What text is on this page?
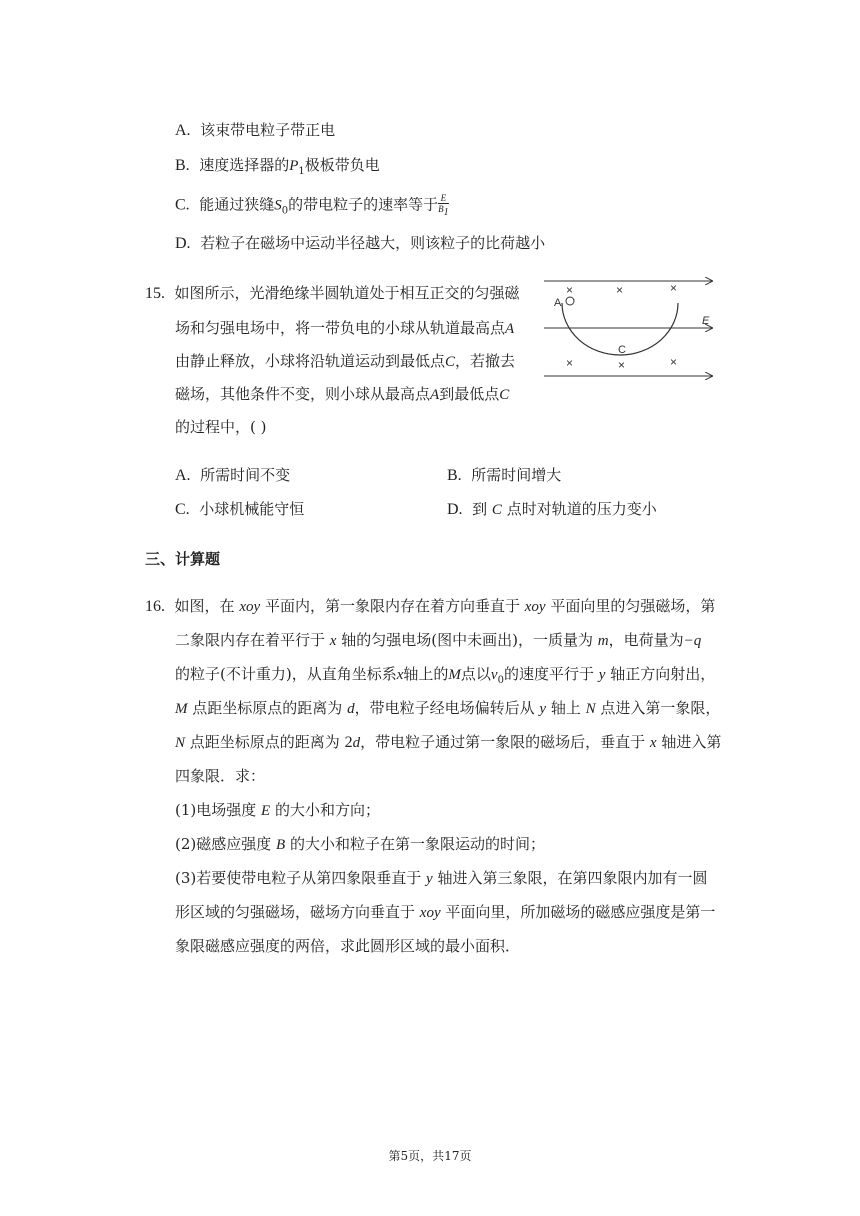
A. 该束带电粒子带正电
B. 速度选择器的$P_1$极板带负电
C. 能通过狭缝$S_0$的带电粒子的速率等于 $\frac{E}{B_1}$
D. 若粒子在磁场中运动半径越大，则该粒子的比荷越小
15. 如图所示，光滑绝缘半圆轨道处于相互正交的匀强磁
场和匀强电场中，将一带负电的小球从轨道最高点A
由静止释放，小球将沿轨道运动到最低点C，若撤去
磁场，其他条件不变，则小球从最高点A到最低点C
的过程中，( )
×	×	×
×	×	×
A
C
E
A. 所需时间不变	B. 所需时间增大
C. 小球机械能守恒	D. 到 C 点时对轨道的压力变小
三、计算题
16. 如图，在 xoy 平面内，第一象限内存在着方向垂直于 xoy 平面向里的匀强磁场，第
二象限内存在着平行于 x 轴的匀强电场(图中未画出)，一质量为 m，电荷量为−q
的粒子(不计重力)，从直角坐标系x轴上的M点以$v_0$的速度平行于 y 轴正方向射出，
M 点距坐标原点的距离为 d，带电粒子经电场偏转后从 y 轴上 N 点进入第一象限，
N 点距坐标原点的距离为 2d，带电粒子通过第一象限的磁场后，垂直于 x 轴进入第
四象限．求：
(1)电场强度 E 的大小和方向；
(2)磁感应强度 B 的大小和粒子在第一象限运动的时间；
(3)若要使带电粒子从第四象限垂直于 y 轴进入第三象限，在第四象限内加有一圆
形区域的匀强磁场，磁场方向垂直于 xoy 平面向里，所加磁场的磁感应强度是第一
象限磁感应强度的两倍，求此圆形区域的最小面积．
第5页，共17页
